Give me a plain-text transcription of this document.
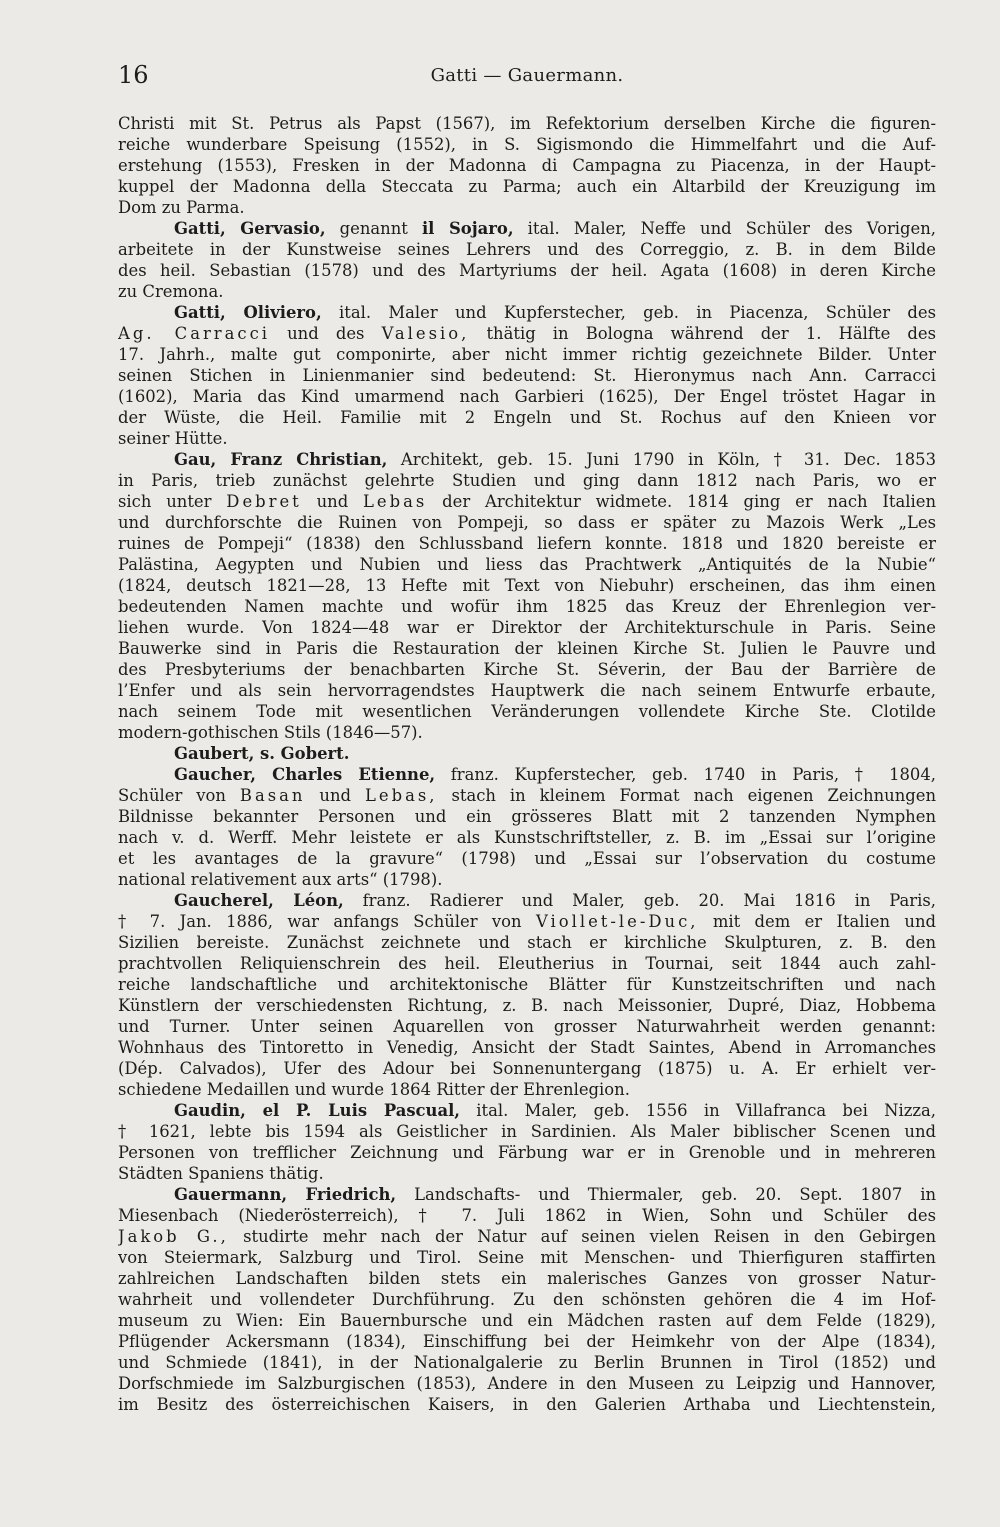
16	Gatti — Gauermann.
Christi mit St. Petrus als Papst (1567), im Refektorium derselben Kirche die figuren-
reiche wunderbare Speisung (1552), in S. Sigismondo die Himmelfahrt und die Auf-
erstehung (1553), Fresken in der Madonna di Campagna zu Piacenza, in der Haupt-
kuppel der Madonna della Steccata zu Parma; auch ein Altarbild der Kreuzigung im
Dom zu Parma.
Gatti, Gervasio, genannt il Sojaro, ital. Maler, Neffe und Schüler des Vorigen,
arbeitete in der Kunstweise seines Lehrers und des Correggio, z. B. in dem Bilde
des heil. Sebastian (1578) und des Martyriums der heil. Agata (1608) in deren Kirche
zu Cremona.
Gatti, Oliviero, ital. Maler und Kupferstecher, geb. in Piacenza, Schüler des
Ag. Carracci und des Valesio, thätig in Bologna während der 1. Hälfte des
17. Jahrh., malte gut componirte, aber nicht immer richtig gezeichnete Bilder. Unter
seinen Stichen in Linienmanier sind bedeutend: St. Hieronymus nach Ann. Carracci
(1602), Maria das Kind umarmend nach Garbieri (1625), Der Engel tröstet Hagar in
der Wüste, die Heil. Familie mit 2 Engeln und St. Rochus auf den Knieen vor
seiner Hütte.
Gau, Franz Christian, Architekt, geb. 15. Juni 1790 in Köln, † 31. Dec. 1853
in Paris, trieb zunächst gelehrte Studien und ging dann 1812 nach Paris, wo er
sich unter Debret und Lebas der Architektur widmete. 1814 ging er nach Italien
und durchforschte die Ruinen von Pompeji, so dass er später zu Mazois Werk „Les
ruines de Pompeji“ (1838) den Schlussband liefern konnte. 1818 und 1820 bereiste er
Palästina, Aegypten und Nubien und liess das Prachtwerk „Antiquités de la Nubie“
(1824, deutsch 1821—28, 13 Hefte mit Text von Niebuhr) erscheinen, das ihm einen
bedeutenden Namen machte und wofür ihm 1825 das Kreuz der Ehrenlegion ver-
liehen wurde. Von 1824—48 war er Direktor der Architekturschule in Paris. Seine
Bauwerke sind in Paris die Restauration der kleinen Kirche St. Julien le Pauvre und
des Presbyteriums der benachbarten Kirche St. Séverin, der Bau der Barrière de
l’Enfer und als sein hervorragendstes Hauptwerk die nach seinem Entwurfe erbaute,
nach seinem Tode mit wesentlichen Veränderungen vollendete Kirche Ste. Clotilde
modern-gothischen Stils (1846—57).
Gaubert, s. Gobert.
Gaucher, Charles Etienne, franz. Kupferstecher, geb. 1740 in Paris, † 1804,
Schüler von Basan und Lebas, stach in kleinem Format nach eigenen Zeichnungen
Bildnisse bekannter Personen und ein grösseres Blatt mit 2 tanzenden Nymphen
nach v. d. Werff. Mehr leistete er als Kunstschriftsteller, z. B. im „Essai sur l’origine
et les avantages de la gravure“ (1798) und „Essai sur l’observation du costume
national relativement aux arts“ (1798).
Gaucherel, Léon, franz. Radierer und Maler, geb. 20. Mai 1816 in Paris,
† 7. Jan. 1886, war anfangs Schüler von Viollet-le-Duc, mit dem er Italien und
Sizilien bereiste. Zunächst zeichnete und stach er kirchliche Skulpturen, z. B. den
prachtvollen Reliquienschrein des heil. Eleutherius in Tournai, seit 1844 auch zahl-
reiche landschaftliche und architektonische Blätter für Kunstzeitschriften und nach
Künstlern der verschiedensten Richtung, z. B. nach Meissonier, Dupré, Diaz, Hobbema
und Turner. Unter seinen Aquarellen von grosser Naturwahrheit werden genannt:
Wohnhaus des Tintoretto in Venedig, Ansicht der Stadt Saintes, Abend in Arromanches
(Dép. Calvados), Ufer des Adour bei Sonnenuntergang (1875) u. A. Er erhielt ver-
schiedene Medaillen und wurde 1864 Ritter der Ehrenlegion.
Gaudin, el P. Luis Pascual, ital. Maler, geb. 1556 in Villafranca bei Nizza,
† 1621, lebte bis 1594 als Geistlicher in Sardinien. Als Maler biblischer Scenen und
Personen von trefflicher Zeichnung und Färbung war er in Grenoble und in mehreren
Städten Spaniens thätig.
Gauermann, Friedrich, Landschafts- und Thiermaler, geb. 20. Sept. 1807 in
Miesenbach (Niederösterreich), † 7. Juli 1862 in Wien, Sohn und Schüler des
Jakob G., studirte mehr nach der Natur auf seinen vielen Reisen in den Gebirgen
von Steiermark, Salzburg und Tirol. Seine mit Menschen- und Thierfiguren staffirten
zahlreichen Landschaften bilden stets ein malerisches Ganzes von grosser Natur-
wahrheit und vollendeter Durchführung. Zu den schönsten gehören die 4 im Hof-
museum zu Wien: Ein Bauernbursche und ein Mädchen rasten auf dem Felde (1829),
Pflügender Ackersmann (1834), Einschiffung bei der Heimkehr von der Alpe (1834),
und Schmiede (1841), in der Nationalgalerie zu Berlin Brunnen in Tirol (1852) und
Dorfschmiede im Salzburgischen (1853), Andere in den Museen zu Leipzig und Hannover,
im Besitz des österreichischen Kaisers, in den Galerien Arthaba und Liechtenstein,
